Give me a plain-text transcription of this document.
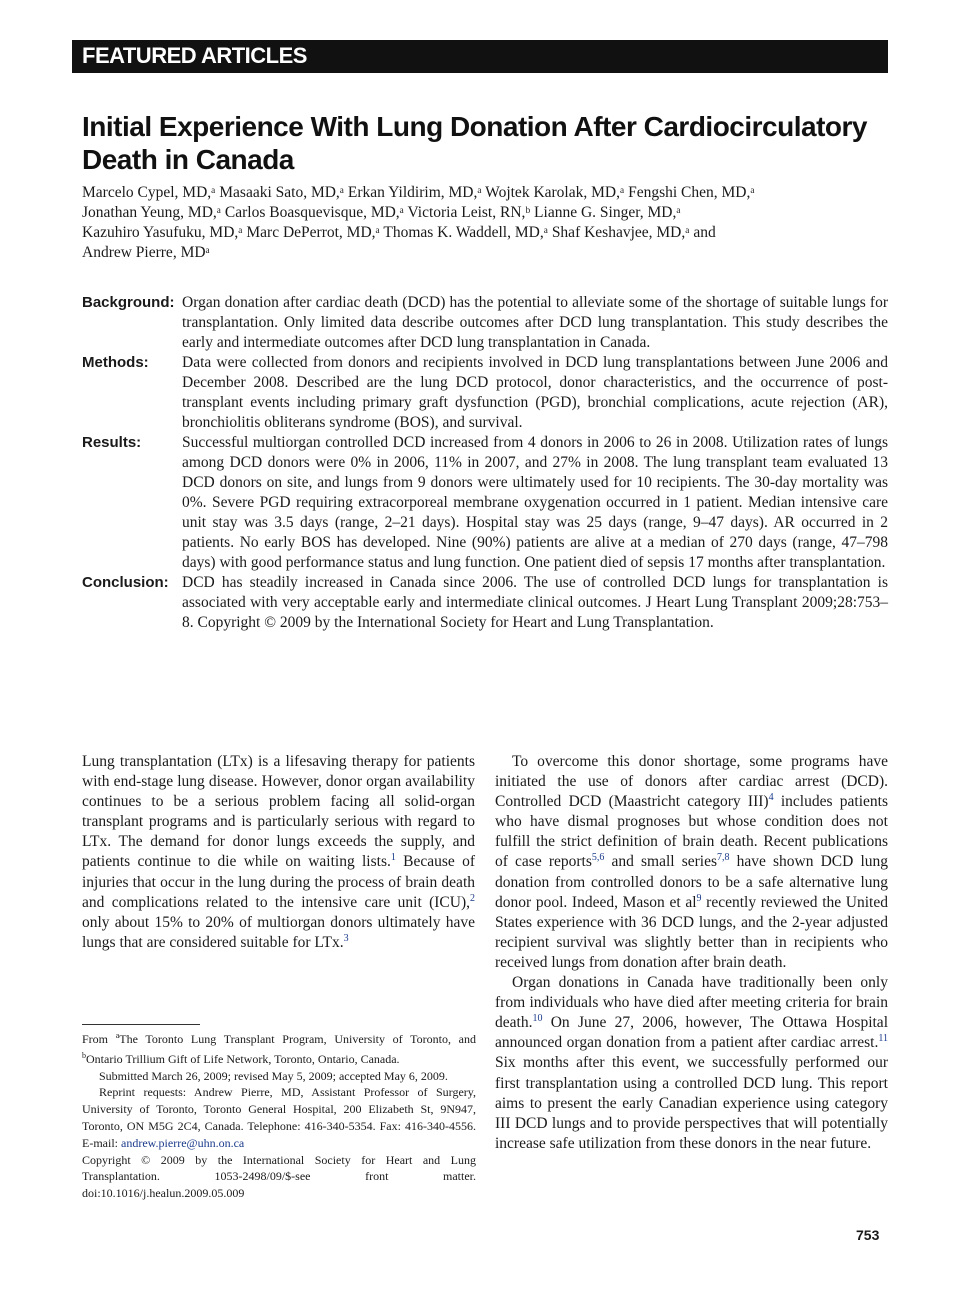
FEATURED ARTICLES
Initial Experience With Lung Donation After Cardiocirculatory Death in Canada
Marcelo Cypel, MD,ᵃ Masaaki Sato, MD,ᵃ Erkan Yildirim, MD,ᵃ Wojtek Karolak, MD,ᵃ Fengshi Chen, MD,ᵃ
Jonathan Yeung, MD,ᵃ Carlos Boasquevisque, MD,ᵃ Victoria Leist, RN,ᵇ Lianne G. Singer, MD,ᵃ
Kazuhiro Yasufuku, MD,ᵃ Marc DePerrot, MD,ᵃ Thomas K. Waddell, MD,ᵃ Shaf Keshavjee, MD,ᵃ and
Andrew Pierre, MDᵃ
Background: Organ donation after cardiac death (DCD) has the potential to alleviate some of the shortage of suitable lungs for transplantation. Only limited data describe outcomes after DCD lung transplantation. This study describes the early and intermediate outcomes after DCD lung transplantation in Canada.
Methods: Data were collected from donors and recipients involved in DCD lung transplantations between June 2006 and December 2008. Described are the lung DCD protocol, donor characteristics, and the occurrence of post-transplant events including primary graft dysfunction (PGD), bronchial complications, acute rejection (AR), bronchiolitis obliterans syndrome (BOS), and survival.
Results:	Successful multiorgan controlled DCD increased from 4 donors in 2006 to 26 in 2008. Utilization rates of lungs among DCD donors were 0% in 2006, 11% in 2007, and 27% in 2008. The lung transplant team evaluated 13 DCD donors on site, and lungs from 9 donors were ultimately used for 10 recipients. The 30-day mortality was 0%. Severe PGD requiring extracorporeal membrane oxygenation occurred in 1 patient. Median intensive care unit stay was 3.5 days (range, 2–21 days). Hospital stay was 25 days (range, 9–47 days). AR occurred in 2 patients. No early BOS has developed. Nine (90%) patients are alive at a median of 270 days (range, 47–798 days) with good performance status and lung function. One patient died of sepsis 17 months after transplantation.
Conclusion: DCD has steadily increased in Canada since 2006. The use of controlled DCD lungs for transplantation is associated with very acceptable early and intermediate clinical outcomes. J Heart Lung Transplant 2009;28:753–8. Copyright © 2009 by the International Society for Heart and Lung Transplantation.

Lung transplantation (LTx) is a lifesaving therapy for patients with end-stage lung disease. However, donor organ availability continues to be a serious problem facing all solid-organ transplant programs and is particularly serious with regard to LTx. The demand for donor lungs exceeds the supply, and patients continue to die while on waiting lists.$^1$ Because of injuries that occur in the lung during the process of brain death and complications related to the intensive care unit (ICU),$^2$ only about 15% to 20% of multiorgan donors ultimately have lungs that are considered suitable for LTx.$^3$

To overcome this donor shortage, some programs have initiated the use of donors after cardiac arrest (DCD). Controlled DCD (Maastricht category III)$^4$ includes patients who have dismal prognoses but whose condition does not fulfill the strict definition of brain death. Recent publications of case reports$^{5,6}$ and small series$^{7,8}$ have shown DCD lung donation from controlled donors to be a safe alternative lung donor pool. Indeed, Mason et $al^9$ recently reviewed the United States experience with 36 DCD lungs, and the 2-year adjusted recipient survival was slightly better than in recipients who received lungs from donation after brain death.

Organ donations in Canada have traditionally been only from individuals who have died after meeting criteria for brain death.$^{10}$ On June 27, 2006, however, The Ottawa Hospital announced organ donation from a patient after cardiac arrest.$^{11}$ Six months after this event, we successfully performed our first transplantation using a controlled DCD lung. This report aims to present the early Canadian experience using category III DCD lungs and to provide perspectives that will potentially increase safe utilization from these donors in the near future.

From $^a$The Toronto Lung Transplant Program, University of Toronto, and $^b$Ontario Trillium Gift of Life Network, Toronto, Ontario, Canada.

Submitted March 26, 2009; revised May 5, 2009; accepted May 6, 2009.

Reprint requests: Andrew Pierre, MD, Assistant Professor of Surgery, University of Toronto, Toronto General Hospital, 200 Elizabeth St, 9N947, Toronto, ON M5G 2C4, Canada. Telephone: 416-340-5354. Fax: 416-340-4556. E-mail: andrew.pierre@uhn.on.ca

Copyright © 2009 by the International Society for Heart and Lung Transplantation. 1053-2498/09/$-see front matter. doi:10.1016/j.healun.2009.05.009

753
